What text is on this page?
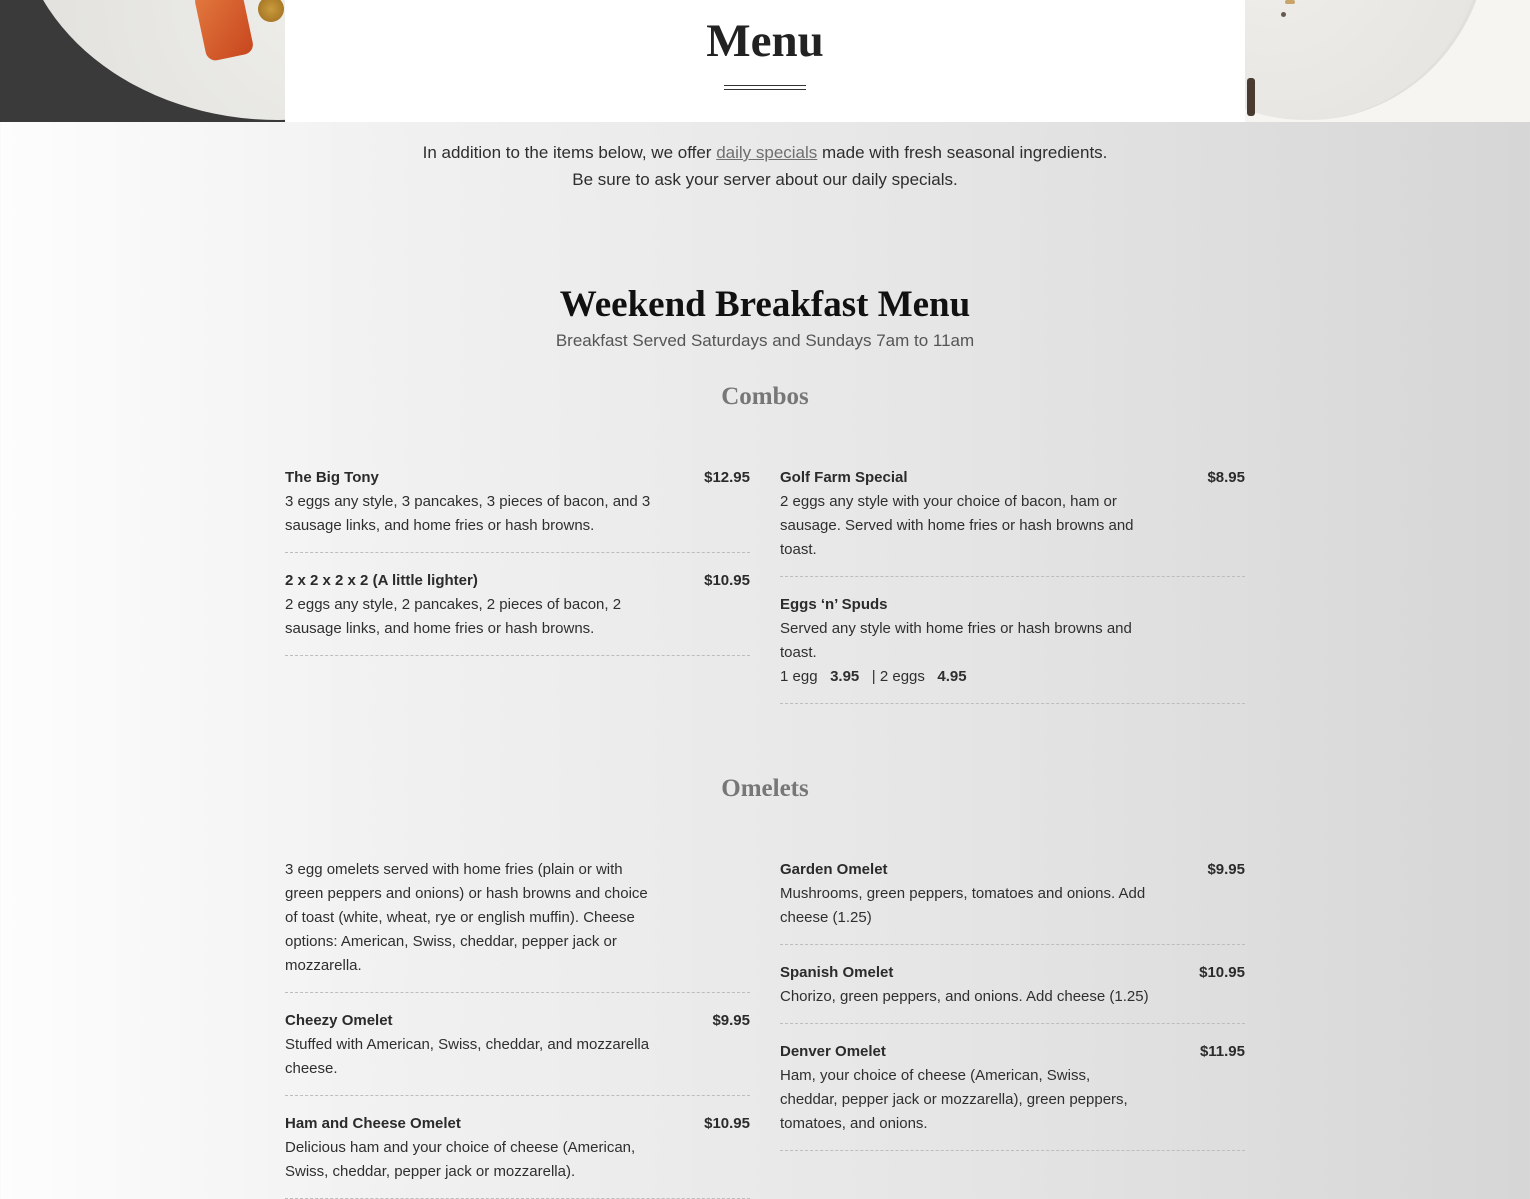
Menu
In addition to the items below, we offer daily specials made with fresh seasonal ingredients.
Be sure to ask your server about our daily specials.
Weekend Breakfast Menu
Breakfast Served Saturdays and Sundays 7am to 11am
Combos
The Big Tony	$12.95
3 eggs any style, 3 pancakes, 3 pieces of bacon, and 3 sausage links, and home fries or hash browns.
2 x 2 x 2 x 2 (A little lighter)	$10.95
2 eggs any style, 2 pancakes, 2 pieces of bacon, 2 sausage links, and home fries or hash browns.
Golf Farm Special	$8.95
2 eggs any style with your choice of bacon, ham or sausage. Served with home fries or hash browns and toast.
Eggs ‘n’ Spuds
Served any style with home fries or hash browns and toast.
1 egg 3.95 | 2 eggs 4.95
Omelets
3 egg omelets served with home fries (plain or with green peppers and onions) or hash browns and choice of toast (white, wheat, rye or english muffin). Cheese options: American, Swiss, cheddar, pepper jack or mozzarella.
Cheezy Omelet	$9.95
Stuffed with American, Swiss, cheddar, and mozzarella cheese.
Ham and Cheese Omelet	$10.95
Delicious ham and your choice of cheese (American, Swiss, cheddar, pepper jack or mozzarella).
Garden Omelet	$9.95
Mushrooms, green peppers, tomatoes and onions. Add cheese (1.25)
Spanish Omelet	$10.95
Chorizo, green peppers, and onions. Add cheese (1.25)
Denver Omelet	$11.95
Ham, your choice of cheese (American, Swiss, cheddar, pepper jack or mozzarella), green peppers, tomatoes, and onions.
